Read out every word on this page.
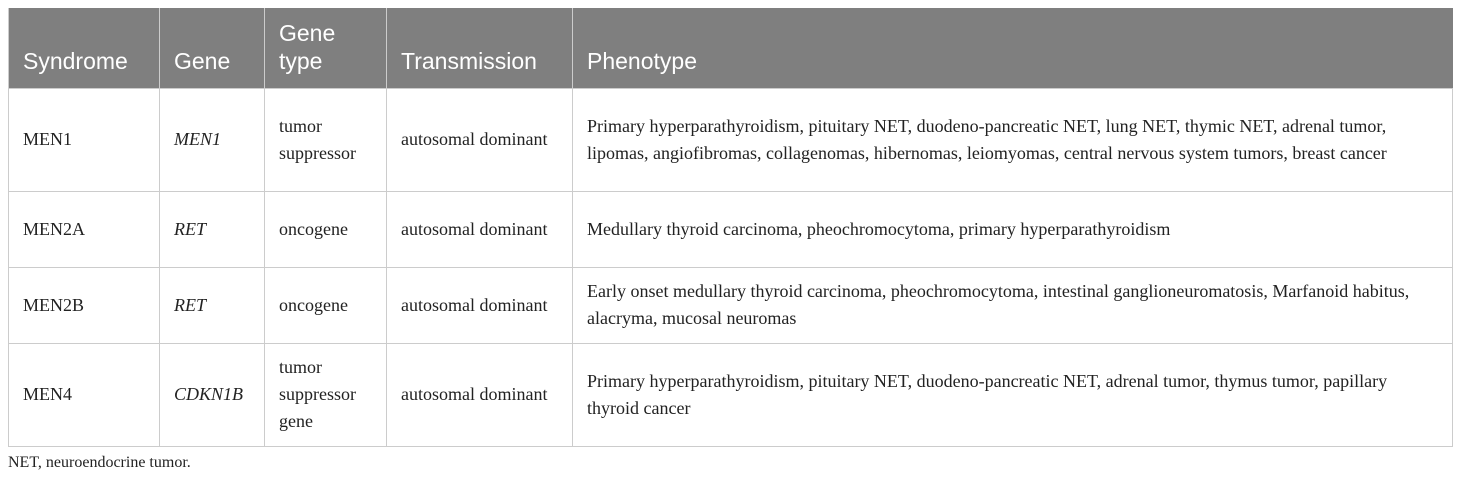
Syndrome	Gene	Gene type	Transmission	Phenotype
MEN1	MEN1	tumor suppressor	autosomal dominant	Primary hyperparathyroidism, pituitary NET, duodeno-pancreatic NET, lung NET, thymic NET, adrenal tumor, lipomas, angiofibromas, collagenomas, hibernomas, leiomyomas, central nervous system tumors, breast cancer
MEN2A	RET	oncogene	autosomal dominant	Medullary thyroid carcinoma, pheochromocytoma, primary hyperparathyroidism
MEN2B	RET	oncogene	autosomal dominant	Early onset medullary thyroid carcinoma, pheochromocytoma, intestinal ganglioneuromatosis, Marfanoid habitus, alacryma, mucosal neuromas
MEN4	CDKN1B	tumor suppressor gene	autosomal dominant	Primary hyperparathyroidism, pituitary NET, duodeno-pancreatic NET, adrenal tumor, thymus tumor, papillary thyroid cancer
NET, neuroendocrine tumor.
